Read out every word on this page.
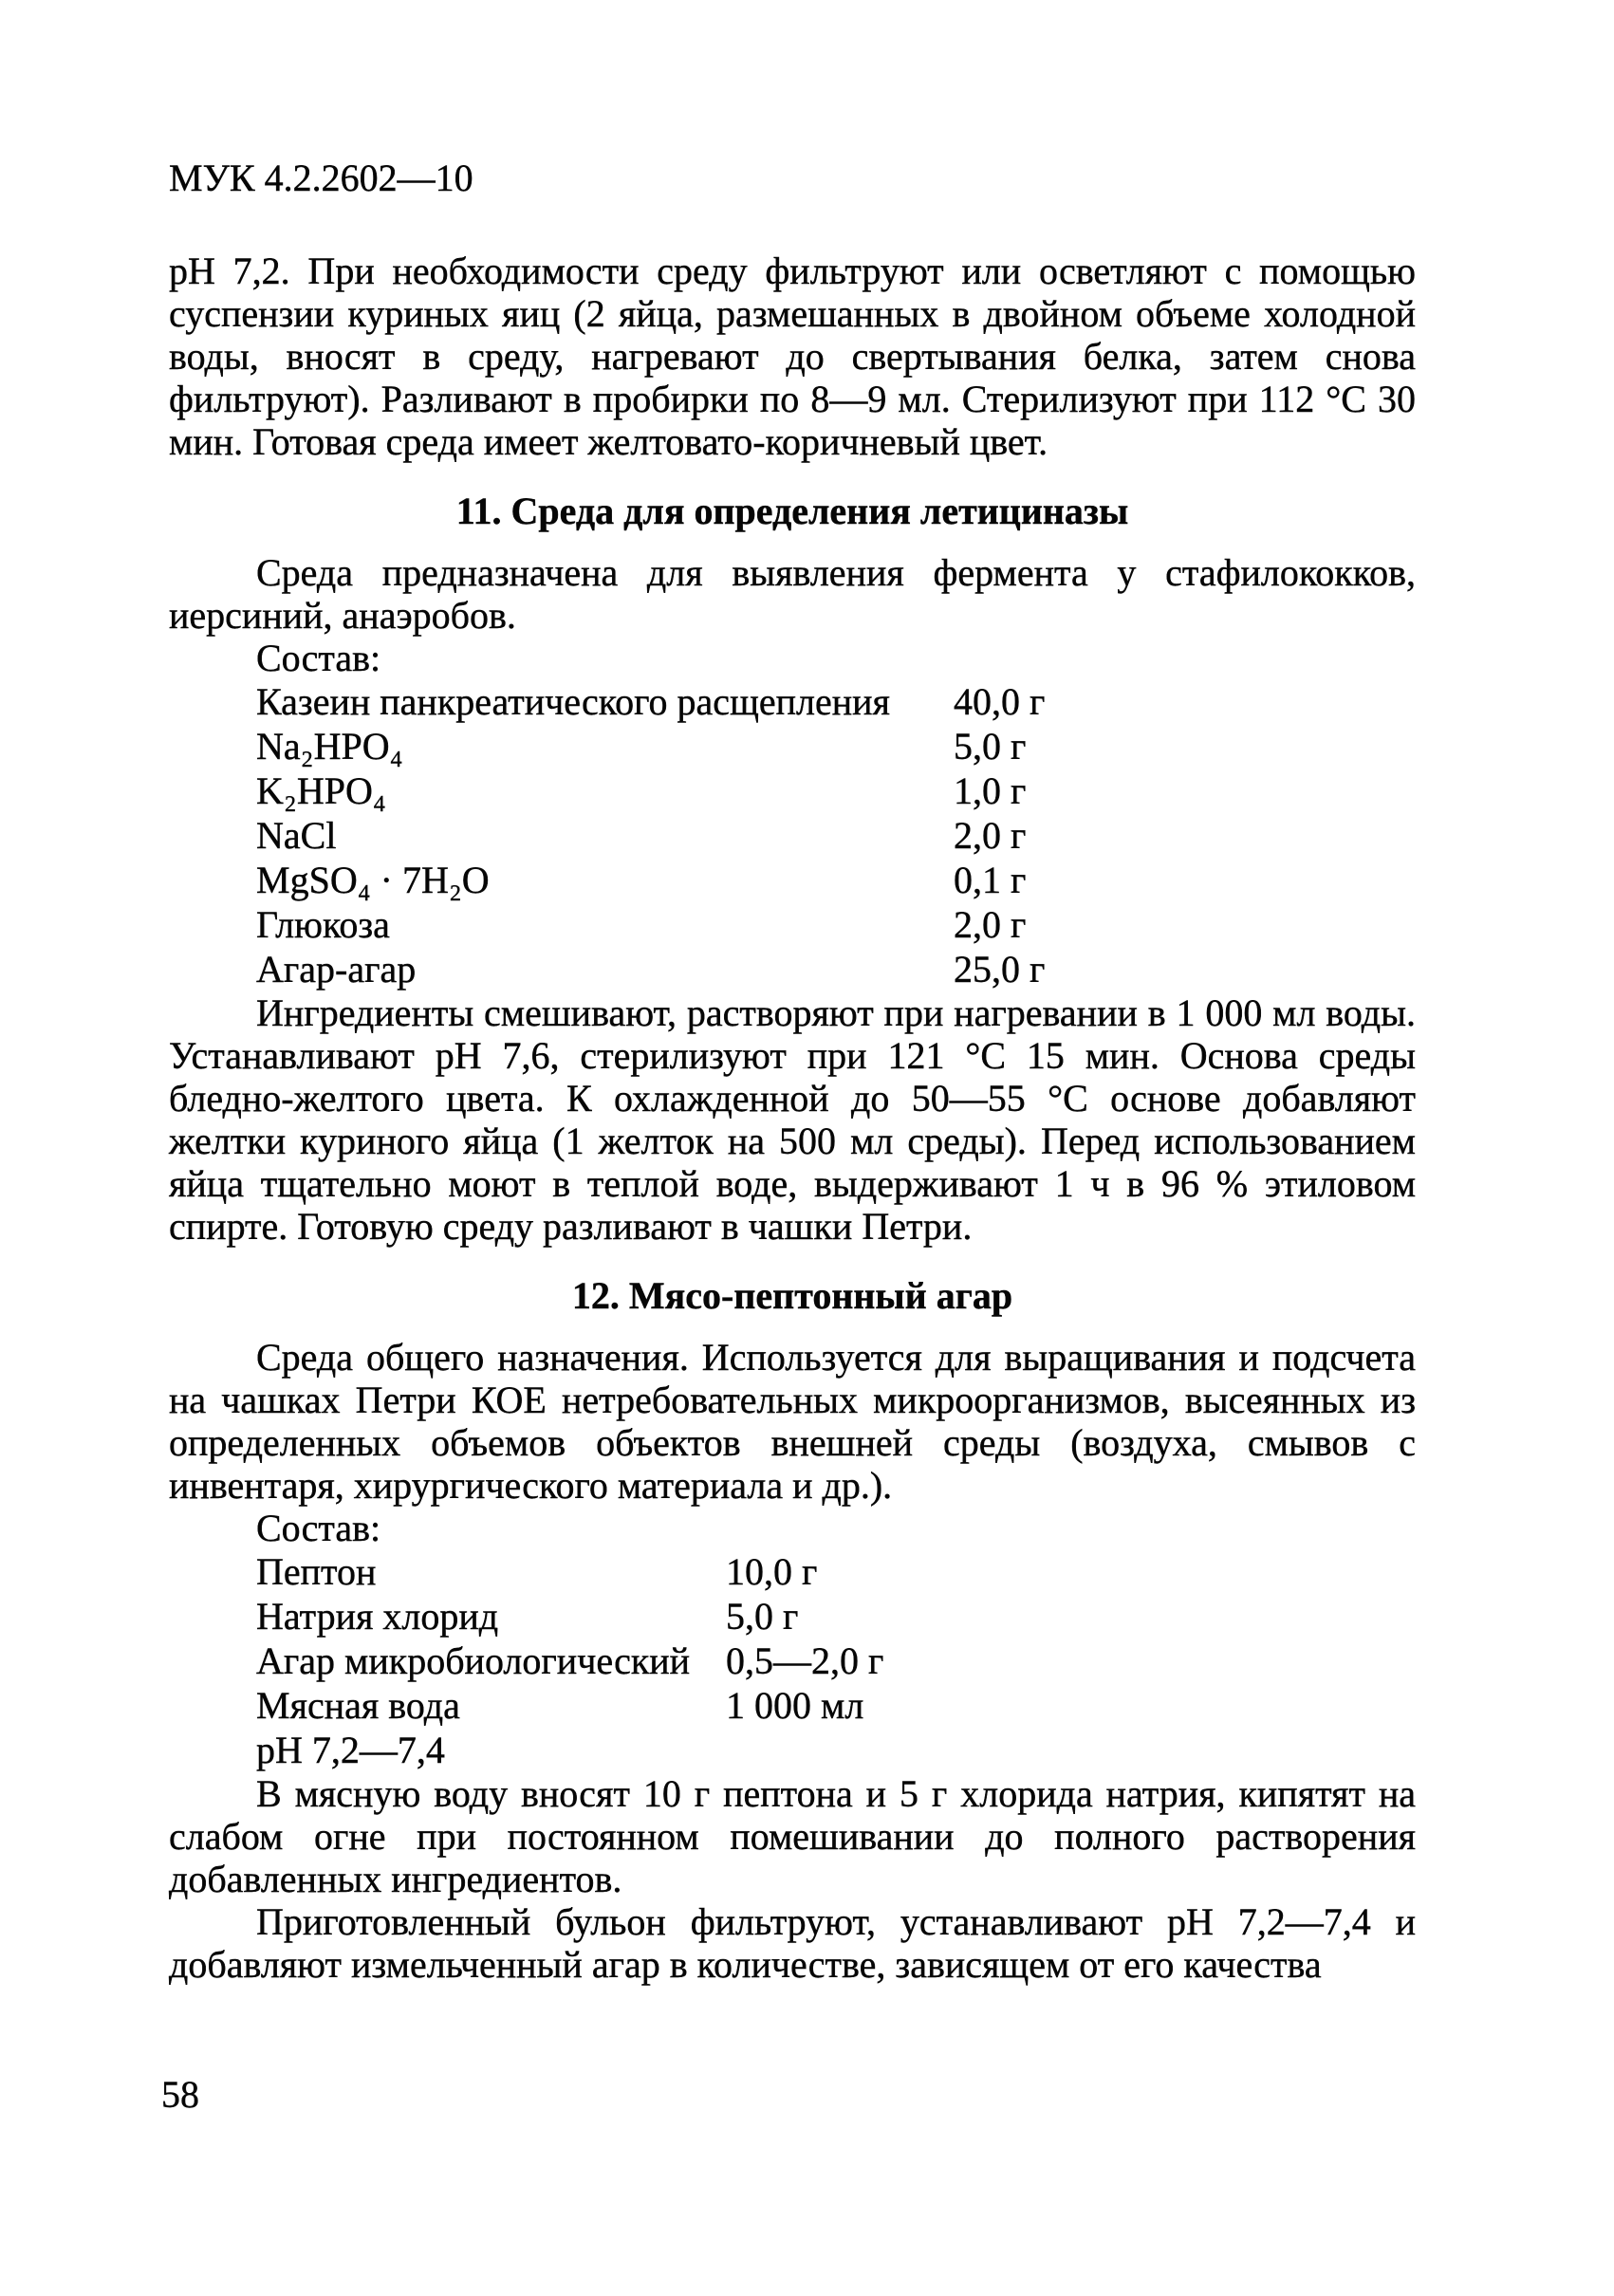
МУК 4.2.2602—10

pH 7,2. При необходимости среду фильтруют или осветляют с помощью суспензии куриных яиц (2 яйца, размешанных в двойном объеме холодной воды, вносят в среду, нагревают до свертывания белка, затем снова фильтруют). Разливают в пробирки по 8—9 мл. Стерилизуют при 112 °С 30 мин. Готовая среда имеет желтовато-коричневый цвет.

11. Среда для определения летициназы

Среда предназначена для выявления фермента у стафилококков, иерсиний, анаэробов.

Состав:

Казеин панкреатического расщепления	40,0 г
Na₂HPO₄	5,0 г
K₂HPO₄	1,0 г
NaCl	2,0 г
MgSO₄ · 7H₂O	0,1 г
Глюкоза	2,0 г
Агар-агар	25,0 г

Ингредиенты смешивают, растворяют при нагревании в 1 000 мл воды. Устанавливают pH 7,6, стерилизуют при 121 °С 15 мин. Основа среды бледно-желтого цвета. К охлажденной до 50—55 °С основе добавляют желтки куриного яйца (1 желток на 500 мл среды). Перед использованием яйца тщательно моют в теплой воде, выдерживают 1 ч в 96 % этиловом спирте. Готовую среду разливают в чашки Петри.

12. Мясо-пептонный агар

Среда общего назначения. Используется для выращивания и подсчета на чашках Петри КОЕ нетребовательных микроорганизмов, высеянных из определенных объемов объектов внешней среды (воздуха, смывов с инвентаря, хирургического материала и др.).

Состав:

Пептон	10,0 г
Натрия хлорид	5,0 г
Агар микробиологический 0,5—2,0 г
Мясная вода	1 000 мл

pH 7,2—7,4

В мясную воду вносят 10 г пептона и 5 г хлорида натрия, кипятят на слабом огне при постоянном помешивании до полного растворения добавленных ингредиентов.

Приготовленный бульон фильтруют, устанавливают pH 7,2—7,4 и добавляют измельченный агар в количестве, зависящем от его качества

58
